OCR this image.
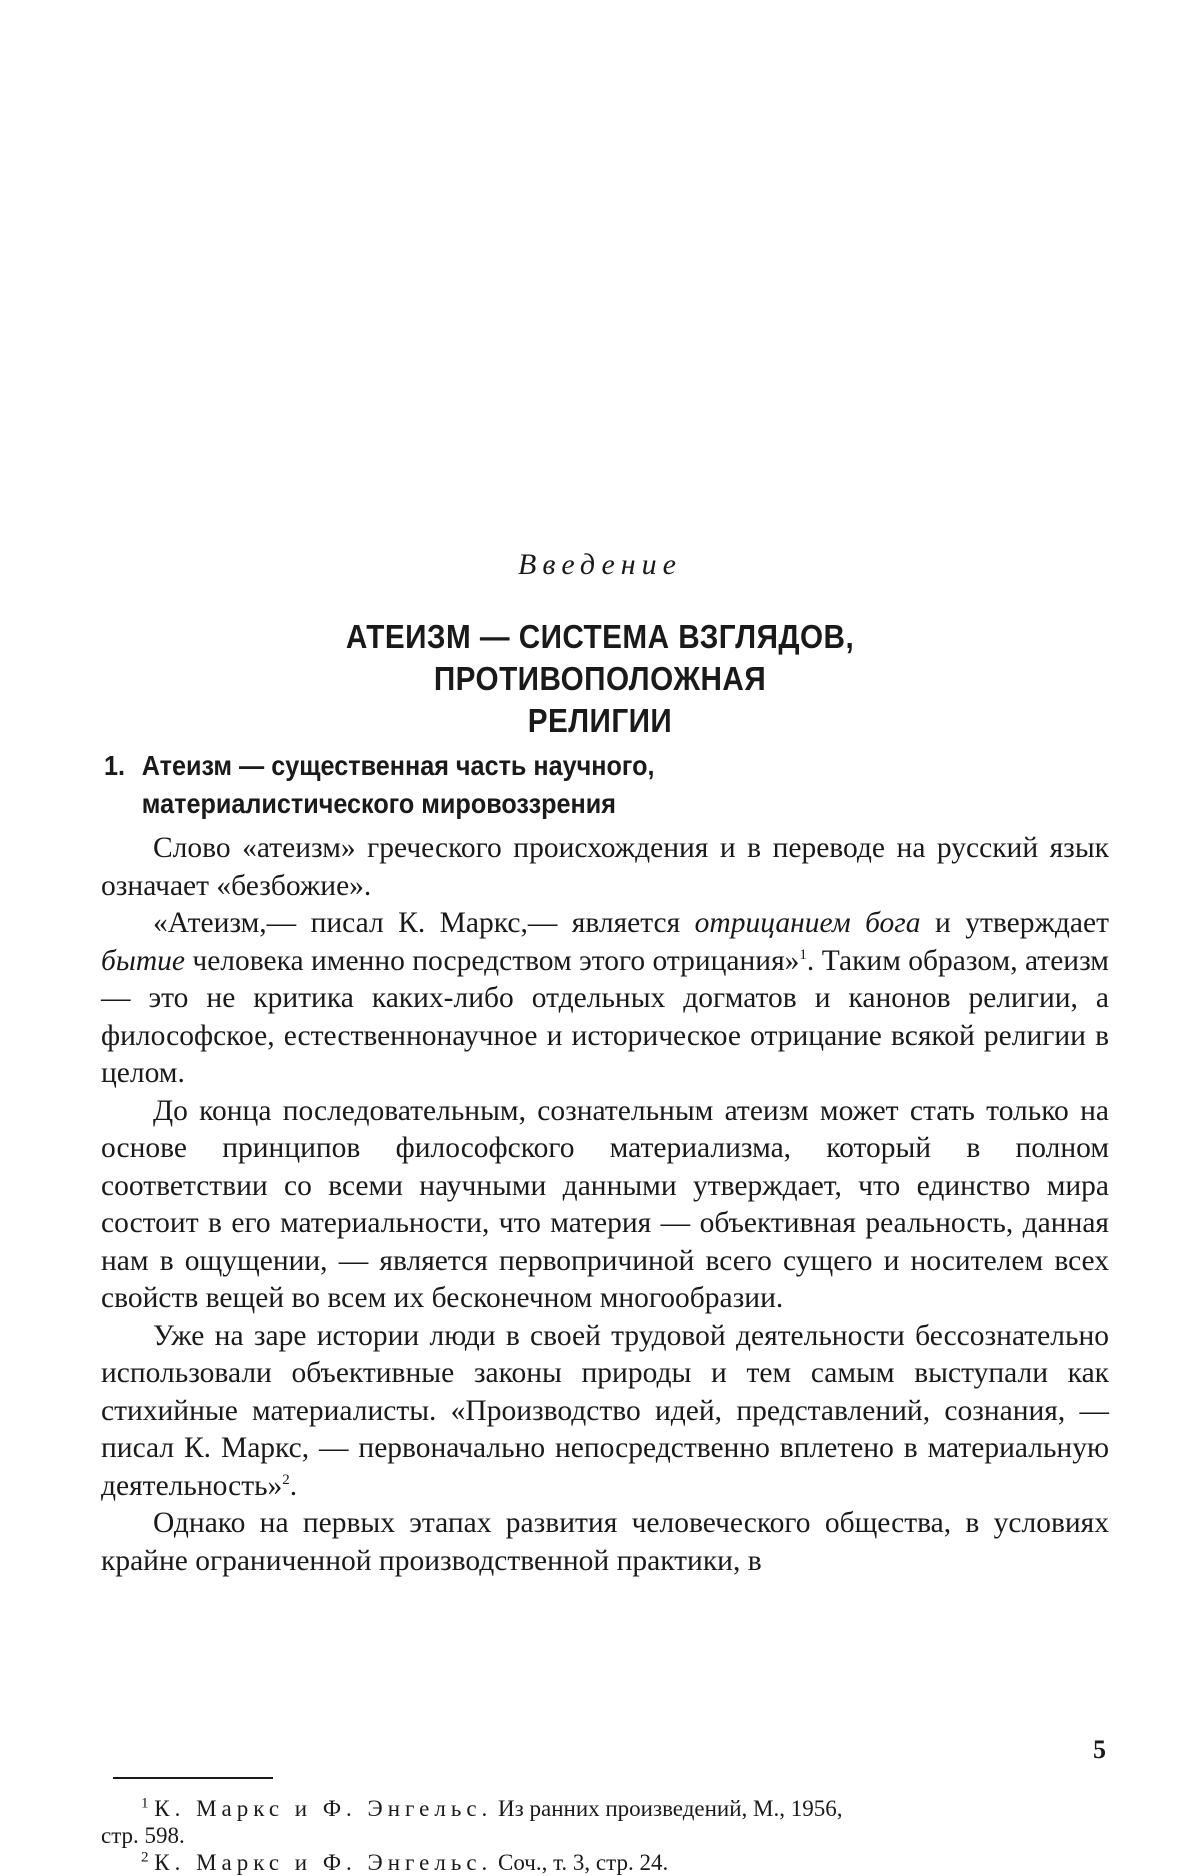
Введение
АТЕИЗМ — СИСТЕМА ВЗГЛЯДОВ, ПРОТИВОПОЛОЖНАЯ
РЕЛИГИИ
1. Атеизм — существенная часть научного,
материалистического мировоззрения

Слово «атеизм» греческого происхождения и в переводе на русский язык означает «безбожие».

«Атеизм,— писал К. Маркс,— является отрицанием бога и утверждает бытие человека именно посредством этого отрицания»$^1$. Таким образом, атеизм — это не критика каких-либо отдельных догматов и канонов религии, а философское, естественнонаучное и историческое отрицание всякой религии в целом.

До конца последовательным, сознательным атеизм может стать только на основе принципов философского материализма, который в полном соответствии со всеми научными данными утверждает, что единство мира состоит в его материальности, что материя — объективная реальность, данная нам в ощущении, — является первопричиной всего сущего и носителем всех свойств вещей во всем их бесконечном многообразии.

Уже на заре истории люди в своей трудовой деятельности бессознательно использовали объективные законы природы и тем самым выступали как стихийные материалисты. «Производство идей, представлений, сознания, — писал К. Маркс, — первоначально непосредственно вплетено в материальную деятельность»$^2$.

Однако на первых этапах развития человеческого общества, в условиях крайне ограниченной производственной практики, в

5

$^1$ К. Маркс и Ф. Энгельс. Из ранних произведений, М., 1956,
стр. 598.

$^2$ К. Маркс и Ф. Энгельс. Соч., т. 3, стр. 24.
